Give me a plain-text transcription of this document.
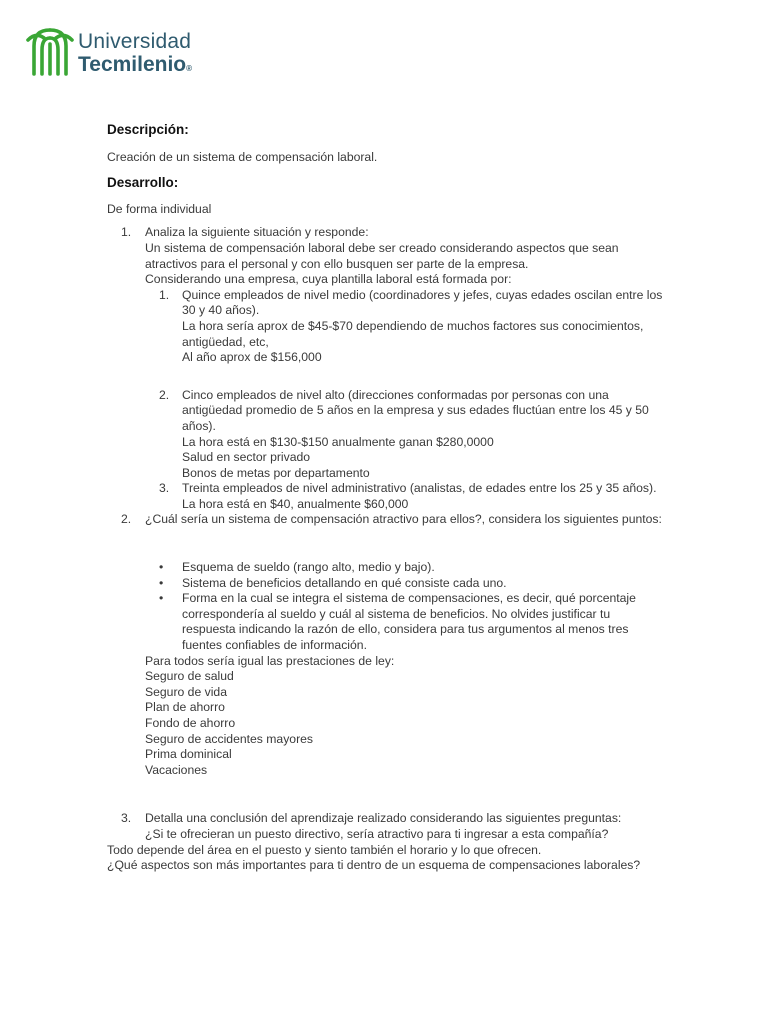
Universidad
Tecmilenio®
Descripción:

Creación de un sistema de compensación laboral.

Desarrollo:

De forma individual

1. Analiza la siguiente situación y responde:
Un sistema de compensación laboral debe ser creado considerando aspectos que sean atractivos para el personal y con ello busquen ser parte de la empresa.
Considerando una empresa, cuya plantilla laboral está formada por:
1. Quince empleados de nivel medio (coordinadores y jefes, cuyas edades oscilan entre los 30 y 40 años).
La hora sería aprox de $45-$70 dependiendo de muchos factores sus conocimientos, antigüedad, etc,
Al año aprox de $156,000
2. Cinco empleados de nivel alto (direcciones conformadas por personas con una antigüedad promedio de 5 años en la empresa y sus edades fluctúan entre los 45 y 50 años).
La hora está en $130-$150 anualmente ganan $280,0000
Salud en sector privado
Bonos de metas por departamento
3. Treinta empleados de nivel administrativo (analistas, de edades entre los 25 y 35 años).
La hora está en $40, anualmente $60,000
2. ¿Cuál sería un sistema de compensación atractivo para ellos?, considera los siguientes puntos:
• Esquema de sueldo (rango alto, medio y bajo).
• Sistema de beneficios detallando en qué consiste cada uno.
• Forma en la cual se integra el sistema de compensaciones, es decir, qué porcentaje correspondería al sueldo y cuál al sistema de beneficios. No olvides justificar tu respuesta indicando la razón de ello, considera para tus argumentos al menos tres fuentes confiables de información.
Para todos sería igual las prestaciones de ley:
Seguro de salud
Seguro de vida
Plan de ahorro
Fondo de ahorro
Seguro de accidentes mayores
Prima dominical
Vacaciones
3. Detalla una conclusión del aprendizaje realizado considerando las siguientes preguntas:
¿Si te ofrecieran un puesto directivo, sería atractivo para ti ingresar a esta compañía?

Todo depende del área en el puesto y siento también el horario y lo que ofrecen.

¿Qué aspectos son más importantes para ti dentro de un esquema de compensaciones laborales?
